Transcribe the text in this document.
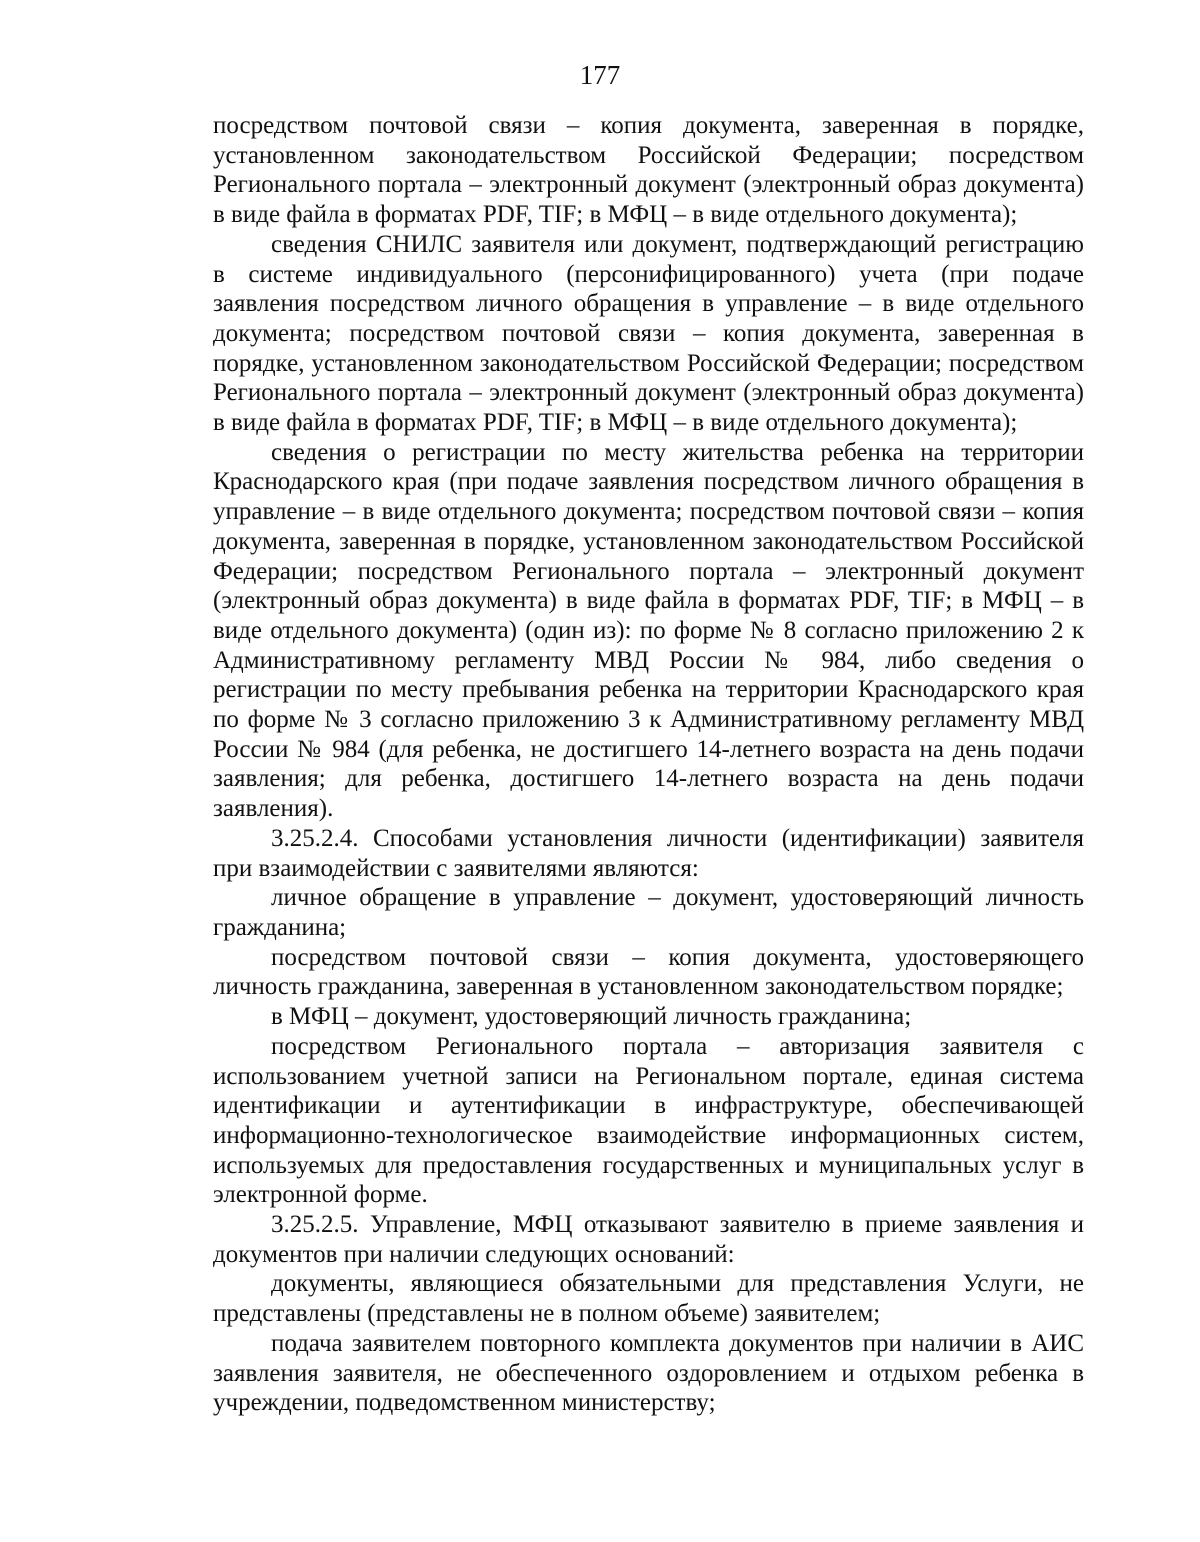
177

посредством почтовой связи – копия документа, заверенная в порядке, установленном законодательством Российской Федерации; посредством Регионального портала – электронный документ (электронный образ документа) в виде файла в форматах PDF, TIF; в МФЦ – в виде отдельного документа);

сведения СНИЛС заявителя или документ, подтверждающий регистрацию в системе индивидуального (персонифицированного) учета (при подаче заявления посредством личного обращения в управление – в виде отдельного документа; посредством почтовой связи – копия документа, заверенная в порядке, установленном законодательством Российской Федерации; посредством Регионального портала – электронный документ (электронный образ документа) в виде файла в форматах PDF, TIF; в МФЦ – в виде отдельного документа);

сведения о регистрации по месту жительства ребенка на территории Краснодарского края (при подаче заявления посредством личного обращения в управление – в виде отдельного документа; посредством почтовой связи – копия документа, заверенная в порядке, установленном законодательством Российской Федерации; посредством Регионального портала – электронный документ (электронный образ документа) в виде файла в форматах PDF, TIF; в МФЦ – в виде отдельного документа) (один из): по форме № 8 согласно приложению 2 к Административному регламенту МВД России № 984, либо сведения о регистрации по месту пребывания ребенка на территории Краснодарского края по форме № 3 согласно приложению 3 к Административному регламенту МВД России № 984 (для ребенка, не достигшего 14-летнего возраста на день подачи заявления; для ребенка, достигшего 14-летнего возраста на день подачи заявления).

3.25.2.4. Способами установления личности (идентификации) заявителя при взаимодействии с заявителями являются:

личное обращение в управление – документ, удостоверяющий личность гражданина;

посредством почтовой связи – копия документа, удостоверяющего личность гражданина, заверенная в установленном законодательством порядке;

в МФЦ – документ, удостоверяющий личность гражданина;

посредством Регионального портала – авторизация заявителя с использованием учетной записи на Региональном портале, единая система идентификации и аутентификации в инфраструктуре, обеспечивающей информационно-технологическое взаимодействие информационных систем, используемых для предоставления государственных и муниципальных услуг в электронной форме.

3.25.2.5. Управление, МФЦ отказывают заявителю в приеме заявления и документов при наличии следующих оснований:

документы, являющиеся обязательными для представления Услуги, не представлены (представлены не в полном объеме) заявителем;

подача заявителем повторного комплекта документов при наличии в АИС заявления заявителя, не обеспеченного оздоровлением и отдыхом ребенка в учреждении, подведомственном министерству;
